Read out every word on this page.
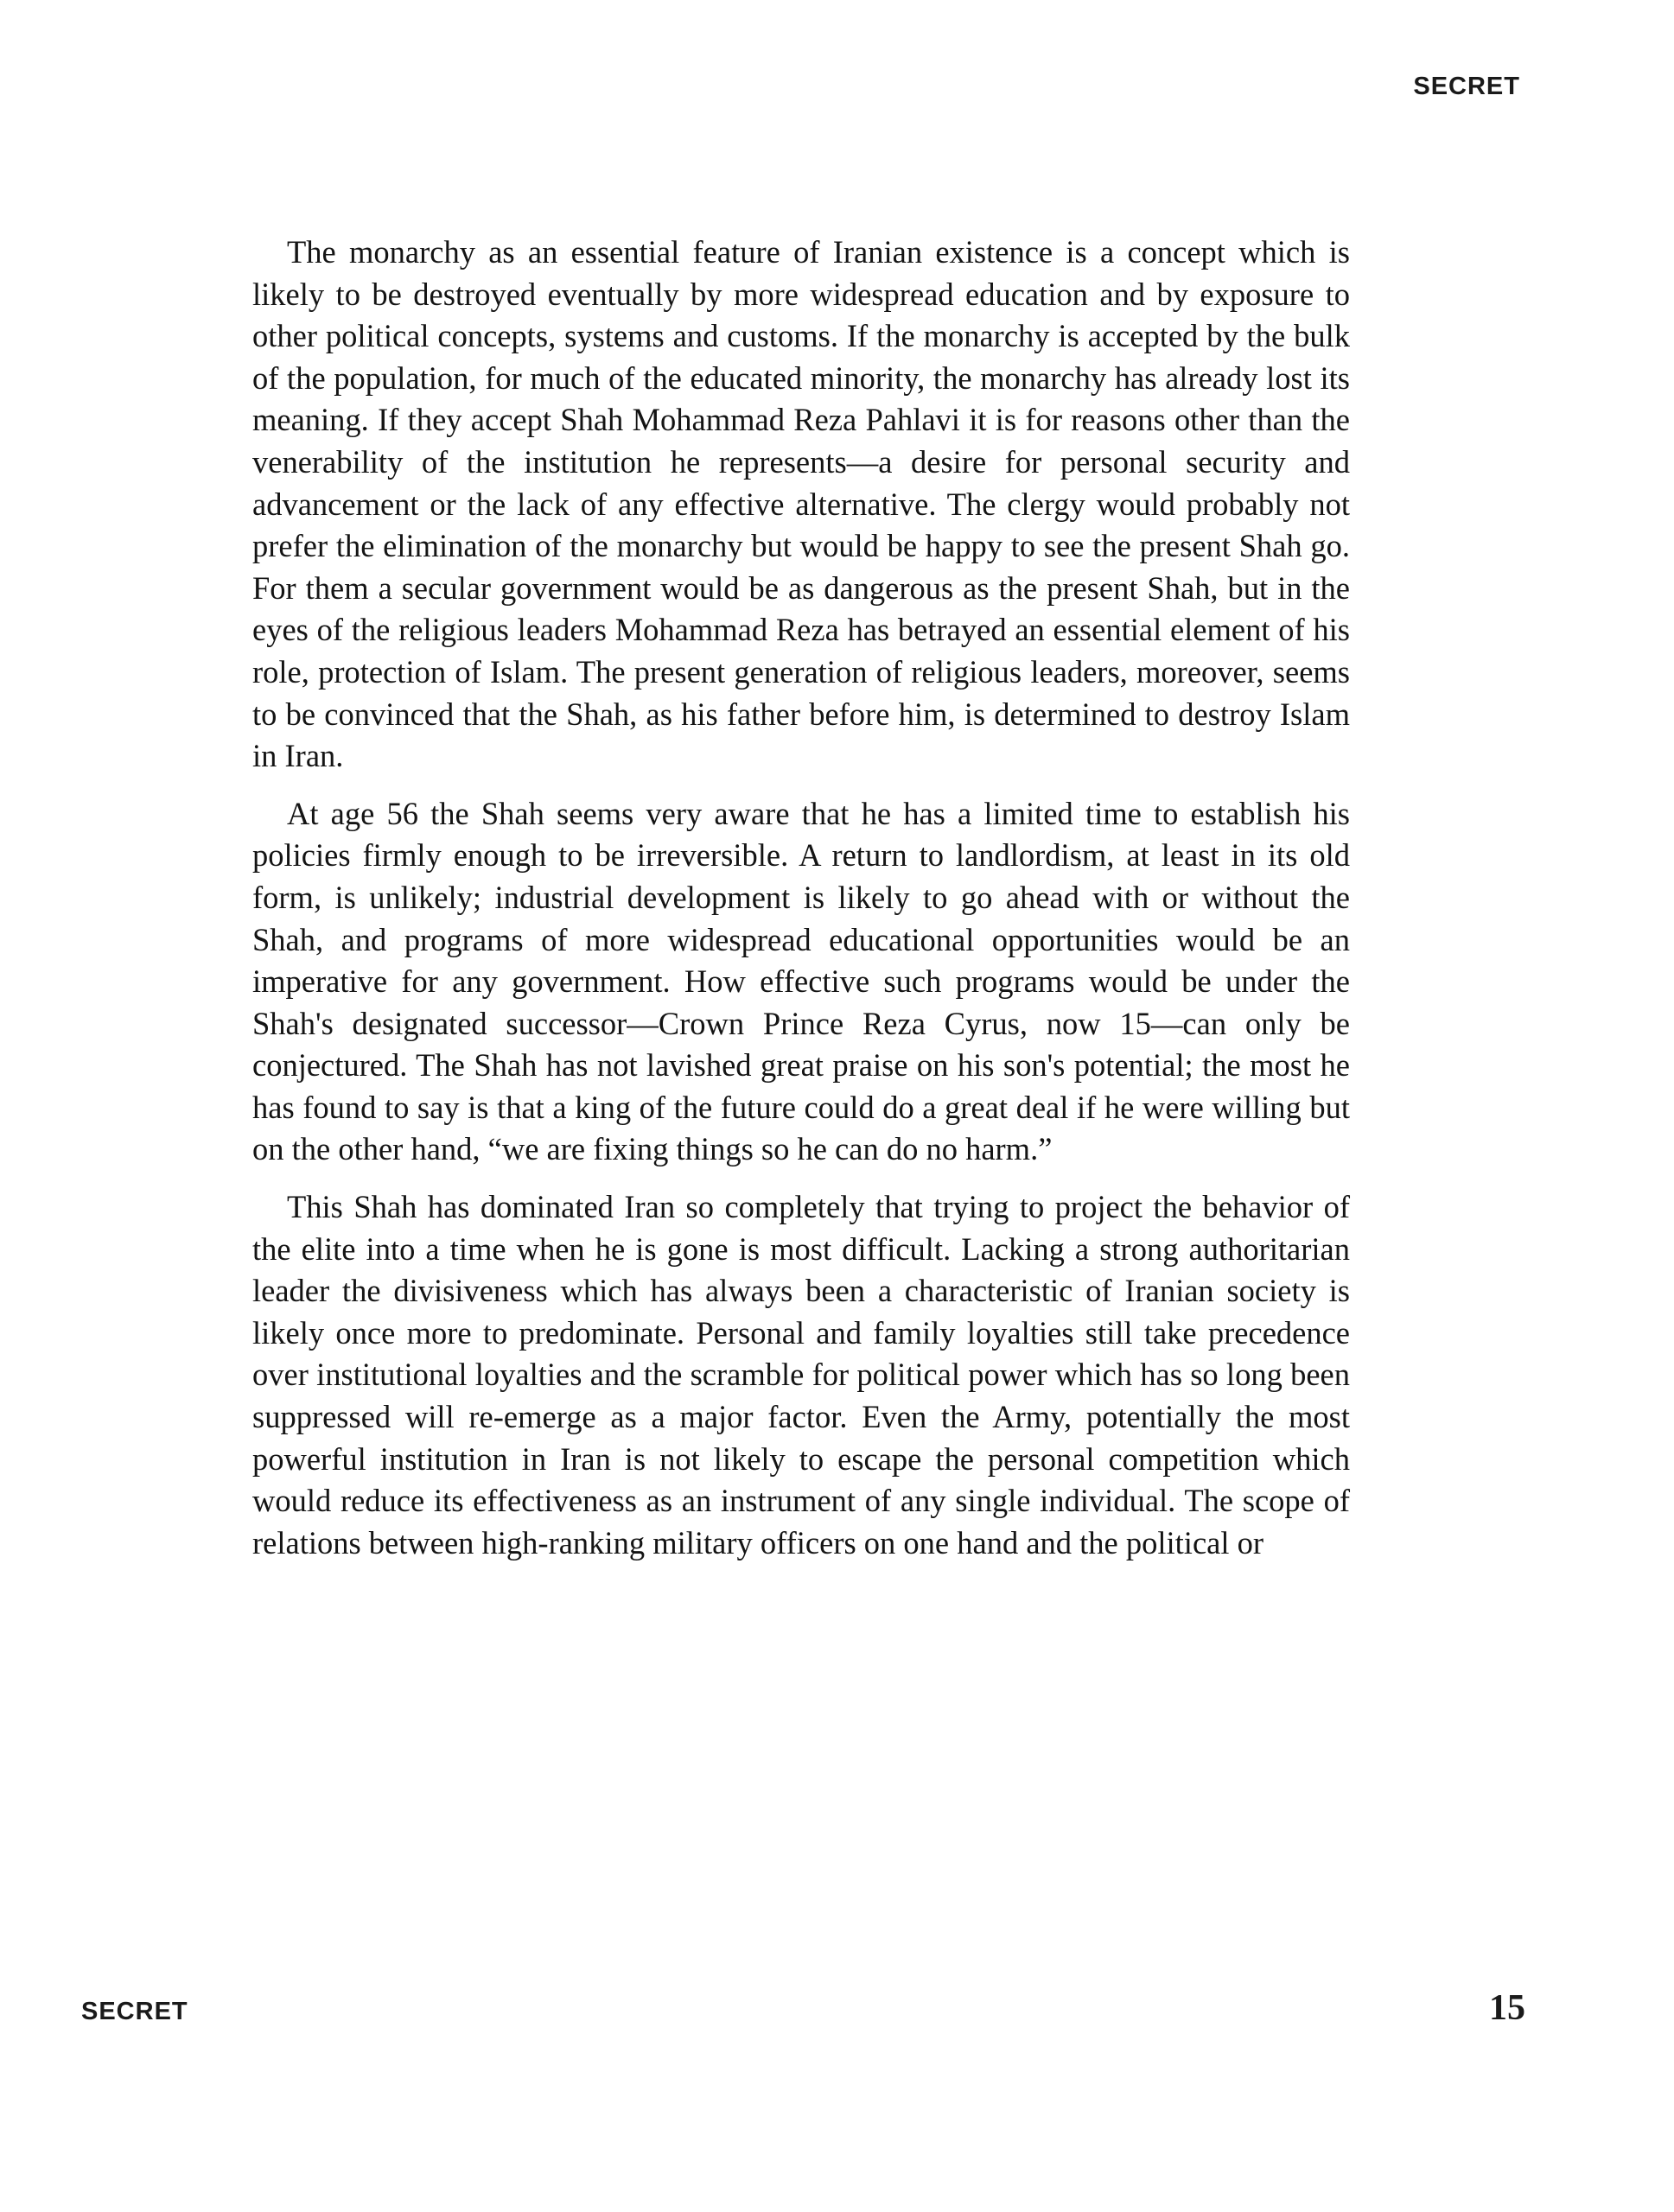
SECRET

The monarchy as an essential feature of Iranian existence is a concept which is likely to be destroyed eventually by more widespread education and by exposure to other political concepts, systems and customs. If the monarchy is accepted by the bulk of the population, for much of the educated minority, the monarchy has already lost its meaning. If they accept Shah Mohammad Reza Pahlavi it is for reasons other than the venerability of the institution he represents—a desire for personal security and advancement or the lack of any effective alternative. The clergy would probably not prefer the elimination of the monarchy but would be happy to see the present Shah go. For them a secular government would be as dangerous as the present Shah, but in the eyes of the religious leaders Mohammad Reza has betrayed an essential element of his role, protection of Islam. The present generation of religious leaders, moreover, seems to be convinced that the Shah, as his father before him, is determined to destroy Islam in Iran.

At age 56 the Shah seems very aware that he has a limited time to establish his policies firmly enough to be irreversible. A return to landlordism, at least in its old form, is unlikely; industrial development is likely to go ahead with or without the Shah, and programs of more widespread educational opportunities would be an imperative for any government. How effective such programs would be under the Shah's designated successor—Crown Prince Reza Cyrus, now 15—can only be conjectured. The Shah has not lavished great praise on his son's potential; the most he has found to say is that a king of the future could do a great deal if he were willing but on the other hand, “we are fixing things so he can do no harm.”

This Shah has dominated Iran so completely that trying to project the behavior of the elite into a time when he is gone is most difficult. Lacking a strong authoritarian leader the divisiveness which has always been a characteristic of Iranian society is likely once more to predominate. Personal and family loyalties still take precedence over institutional loyalties and the scramble for political power which has so long been suppressed will re-emerge as a major factor. Even the Army, potentially the most powerful institution in Iran is not likely to escape the personal competition which would reduce its effectiveness as an instrument of any single individual. The scope of relations between high-ranking military officers on one hand and the political or

SECRET	15
